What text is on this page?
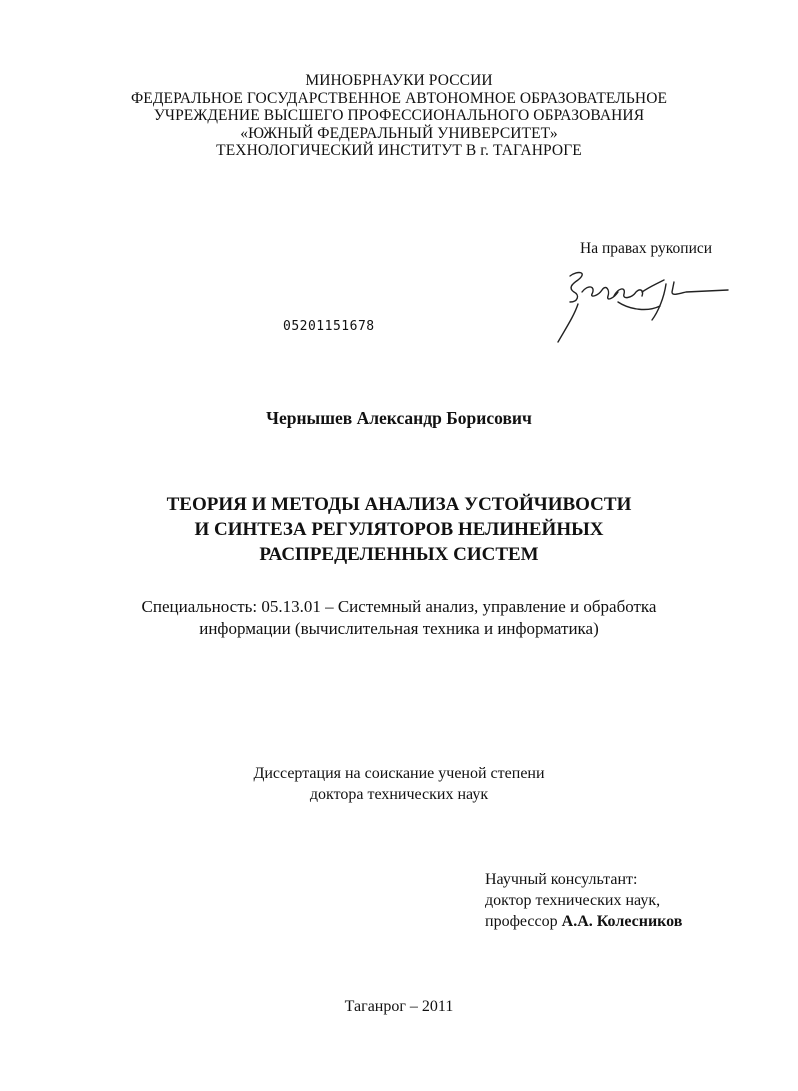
МИНОБРНАУКИ РОССИИ
ФЕДЕРАЛЬНОЕ ГОСУДАРСТВЕННОЕ АВТОНОМНОЕ ОБРАЗОВАТЕЛЬНОЕ
УЧРЕЖДЕНИЕ ВЫСШЕГО ПРОФЕССИОНАЛЬНОГО ОБРАЗОВАНИЯ
«ЮЖНЫЙ ФЕДЕРАЛЬНЫЙ УНИВЕРСИТЕТ»
ТЕХНОЛОГИЧЕСКИЙ ИНСТИТУТ В г. ТАГАНРОГЕ
На правах рукописи
05201151678
Чернышев Александр Борисович
ТЕОРИЯ И МЕТОДЫ АНАЛИЗА УСТОЙЧИВОСТИ
И СИНТЕЗА РЕГУЛЯТОРОВ НЕЛИНЕЙНЫХ
РАСПРЕДЕЛЕННЫХ СИСТЕМ
Специальность: 05.13.01 – Системный анализ, управление и обработка
информации (вычислительная техника и информатика)
Диссертация на соискание ученой степени
доктора технических наук
Научный консультант:
доктор технических наук,
профессор А.А. Колесников
Таганрог – 2011
